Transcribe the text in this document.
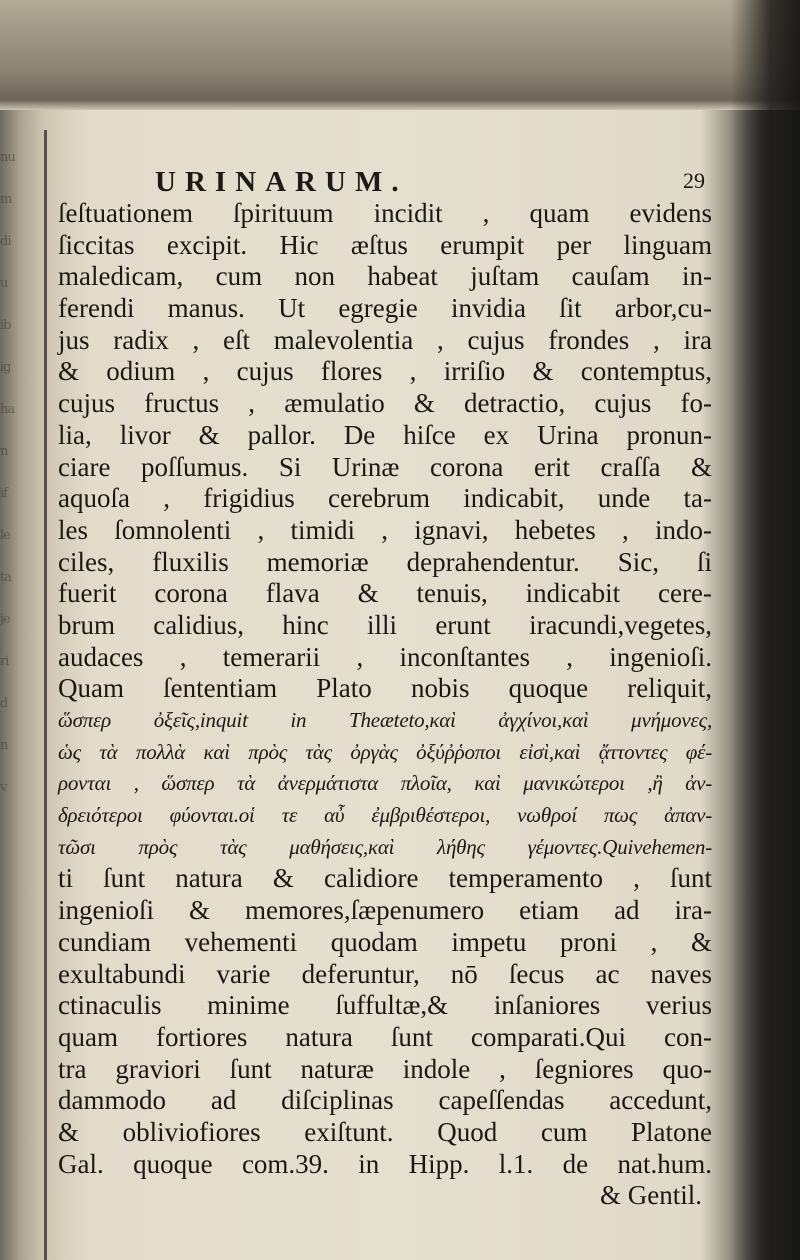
nu
m
di
u
ib
ig
ha
n
if
le
ta
je
ri
d
n
v
URINARUM.	29
ſeſtuationem ſpirituum incidit , quam evidens
ſiccitas excipit. Hic æſtus erumpit per linguam
maledicam, cum non habeat juſtam cauſam in-
ferendi manus. Ut egregie invidia ſit arbor,cu-
jus radix , eſt malevolentia , cujus frondes , ira
& odium , cujus flores , irriſio & contemptus,
cujus fructus , æmulatio & detractio, cujus fo-
lia, livor & pallor. De hiſce ex Urina pronun-
ciare poſſumus. Si Urinæ corona erit craſſa &
aquoſa , frigidius cerebrum indicabit, unde ta-
les ſomnolenti , timidi , ignavi, hebetes , indo-
ciles, fluxilis memoriæ deprahendentur. Sic, ſi
fuerit corona flava & tenuis, indicabit cere-
brum calidius, hinc illi erunt iracundi,vegetes,
audaces , temerarii , inconſtantes , ingenioſi.
Quam ſententiam Plato nobis quoque reliquit,
ὥσπερ ὀξεῖς,inquit in Theæteto,καὶ ἀγχίνοι,καὶ μνήμονες,
ὡς τὰ πολλὰ καὶ πρὸς τὰς ὀργὰς ὀξύῤῥοποι εἰσὶ,καὶ ᾄττοντες φέ-
ρονται , ὥσπερ τὰ ἀνερμάτιστα πλοῖα, καὶ μανικώτεροι ,ἢ ἀν-
δρειότεροι φύονται.οἱ τε αὖ ἐμβριθέστεροι, νωθροί πως ἀπαν-
τῶσι πρὸς τὰς μαθήσεις,καὶ λήθης γέμοντες.Quivehemen-
ti ſunt natura & calidiore temperamento , ſunt
ingenioſi & memores,ſæpenumero etiam ad ira-
cundiam vehementi quodam impetu proni , &
exultabundi varie deferuntur, nō ſecus ac naves
ctinaculis minime ſuffultæ,& inſaniores verius
quam fortiores natura ſunt comparati.Qui con-
tra graviori ſunt naturæ indole , ſegniores quo-
dammodo ad diſciplinas capeſſendas accedunt,
& obliviofiores exiſtunt. Quod cum Platone
Gal. quoque com.39. in Hipp. l.1. de nat.hum.
& Gentil.
